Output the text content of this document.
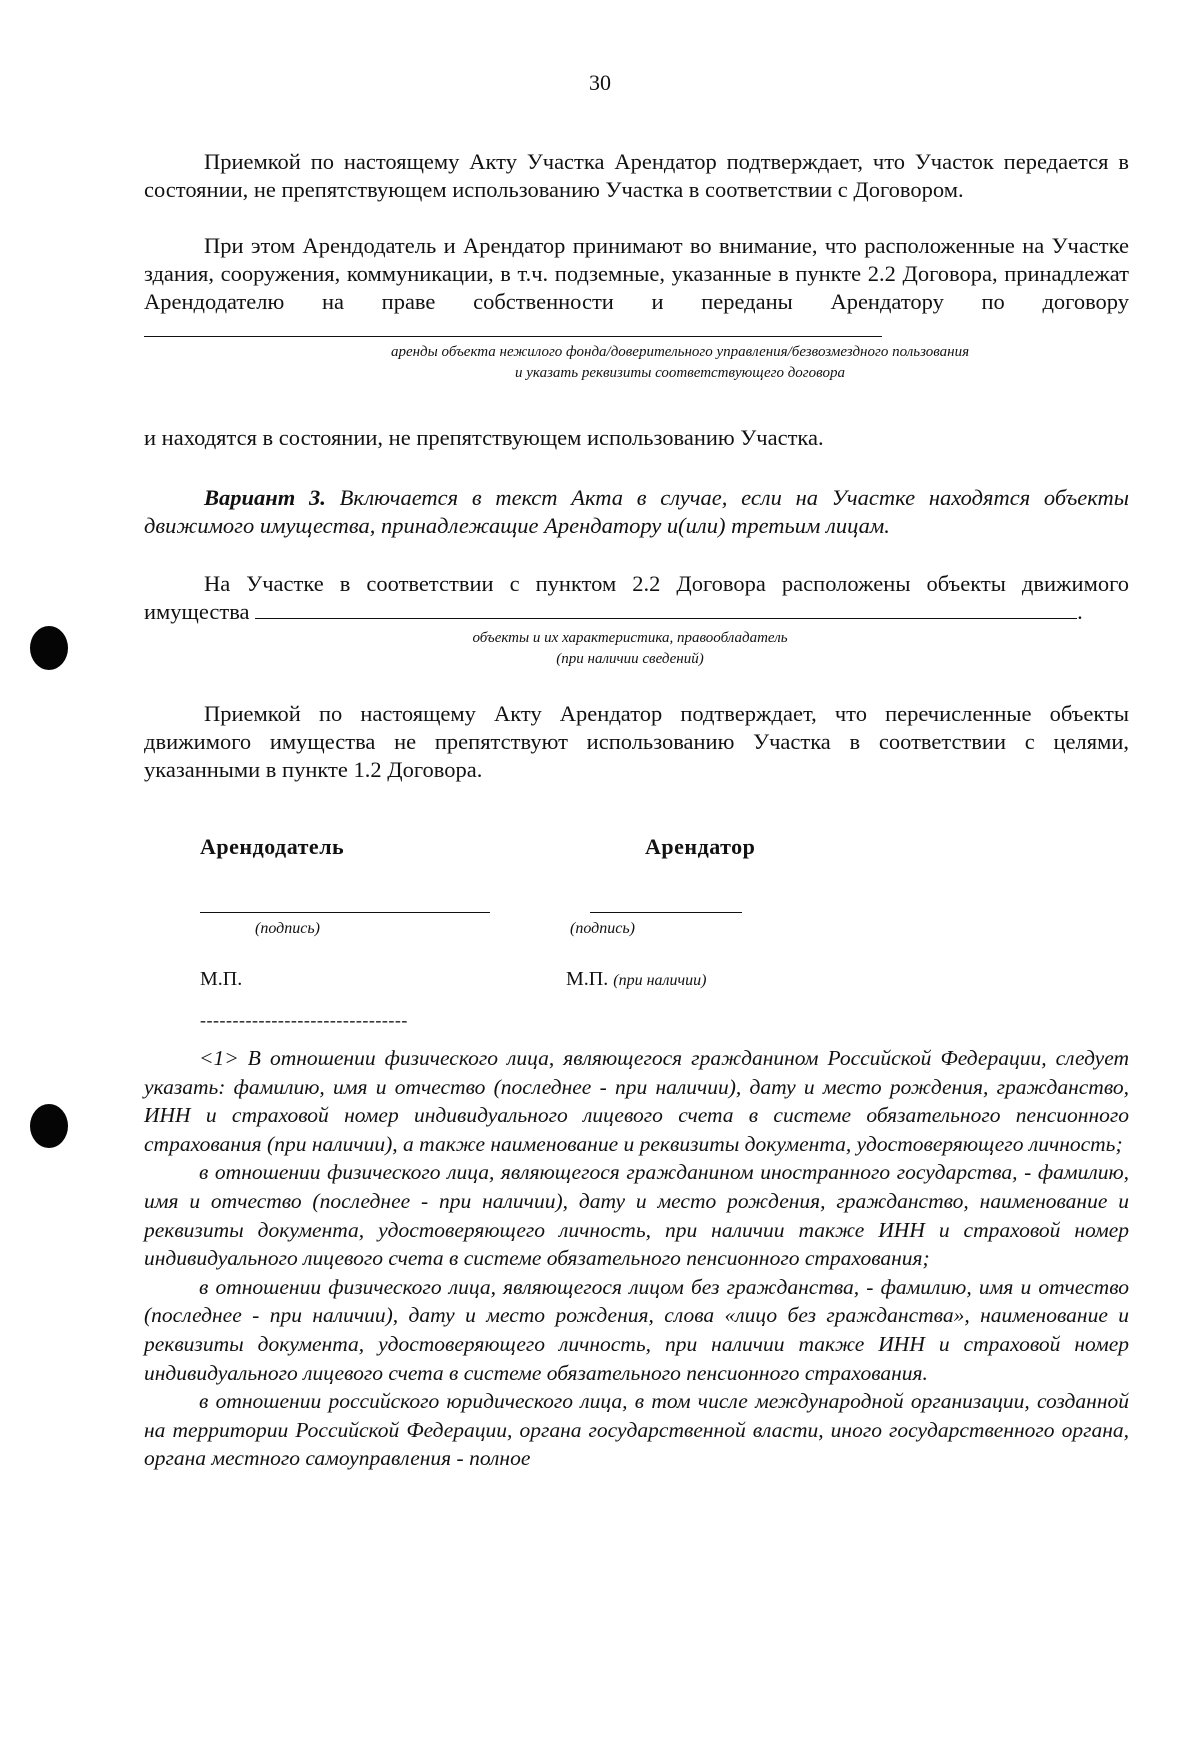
30
Приемкой по настоящему Акту Участка Арендатор подтверждает, что Участок передается в состоянии, не препятствующем использованию Участка в соответствии с Договором.
При этом Арендодатель и Арендатор принимают во внимание, что расположенные на Участке здания, сооружения, коммуникации, в т.ч. подземные, указанные в пункте 2.2 Договора, принадлежат Арендодателю на праве собственности и переданы Арендатору по договору
аренды объекта нежилого фонда/доверительного управления/безвозмездного пользования
и указать реквизиты соответствующего договора
и находятся в состоянии, не препятствующем использованию Участка.
Вариант 3. Включается в текст Акта в случае, если на Участке находятся объекты движимого имущества, принадлежащие Арендатору и(или) третьим лицам.
На Участке в соответствии с пунктом 2.2 Договора расположены объекты движимого имущества	.
объекты и их характеристика, правообладатель
(при наличии сведений)
Приемкой по настоящему Акту Арендатор подтверждает, что перечисленные объекты движимого имущества не препятствуют использованию Участка в соответствии с целями, указанными в пункте 1.2 Договора.
Арендодатель	Арендатор
(подпись)	(подпись)
М.П.	М.П. (при наличии)
--------------------------------

<1> В отношении физического лица, являющегося гражданином Российской Федерации, следует указать: фамилию, имя и отчество (последнее - при наличии), дату и место рождения, гражданство, ИНН и страховой номер индивидуального лицевого счета в системе обязательного пенсионного страхования (при наличии), а также наименование и реквизиты документа, удостоверяющего личность;

в отношении физического лица, являющегося гражданином иностранного государства, - фамилию, имя и отчество (последнее - при наличии), дату и место рождения, гражданство, наименование и реквизиты документа, удостоверяющего личность, при наличии также ИНН и страховой номер индивидуального лицевого счета в системе обязательного пенсионного страхования;

в отношении физического лица, являющегося лицом без гражданства, - фамилию, имя и отчество (последнее - при наличии), дату и место рождения, слова «лицо без гражданства», наименование и реквизиты документа, удостоверяющего личность, при наличии также ИНН и страховой номер индивидуального лицевого счета в системе обязательного пенсионного страхования.

в отношении российского юридического лица, в том числе международной организации, созданной на территории Российской Федерации, органа государственной власти, иного государственного органа, органа местного самоуправления - полное
